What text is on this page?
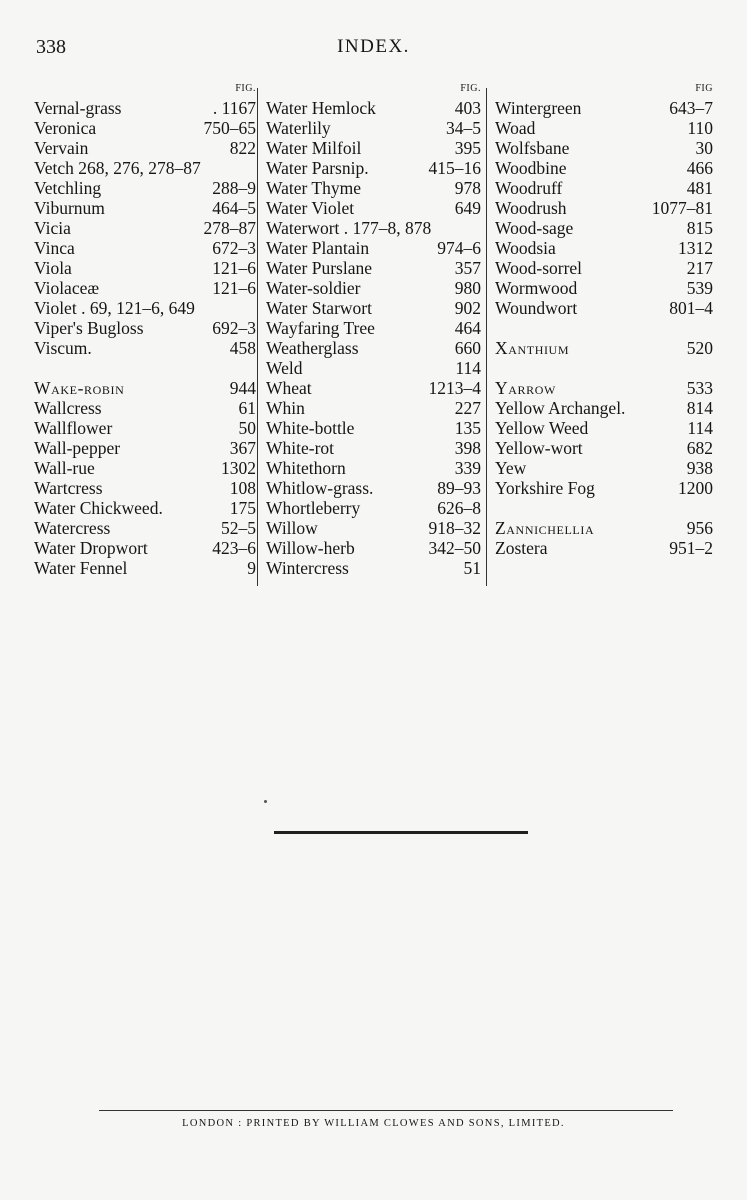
338	INDEX.
FIG.
Vernal-grass	. 1167
Veronica	750–65
Vervain	822
Vetch 268, 276, 278–87
Vetchling	288–9
Viburnum	464–5
Vicia	278–87
Vinca	672–3
Viola	121–6
Violaceæ	121–6
Violet . 69, 121–6, 649
Viper's Bugloss	692–3
Viscum.	458
Wake-robin	944
Wallcress	61
Wallflower	50
Wall-pepper	367
Wall-rue	1302
Wartcress	108
Water Chickweed.	175
Watercress	52–5
Water Dropwort	423–6
Water Fennel	9
FIG.
Water Hemlock	403
Waterlily	34–5
Water Milfoil	395
Water Parsnip.	415–16
Water Thyme	978
Water Violet	649
Waterwort . 177–8, 878
Water Plantain	974–6
Water Purslane	357
Water-soldier	980
Water Starwort	902
Wayfaring Tree	464
Weatherglass	660
Weld	114
Wheat	1213–4
Whin	227
White-bottle	135
White-rot	398
Whitethorn	339
Whitlow-grass.	89–93
Whortleberry	626–8
Willow	918–32
Willow-herb	342–50
Wintercress	51
FIG
Wintergreen	643–7
Woad	110
Wolfsbane	30
Woodbine	466
Woodruff	481
Woodrush	1077–81
Wood-sage	815
Woodsia	1312
Wood-sorrel	217
Wormwood	539
Woundwort	801–4
Xanthium	520
Yarrow	533
Yellow Archangel.	814
Yellow Weed	114
Yellow-wort	682
Yew	938
Yorkshire Fog	1200
Zannichellia	956
Zostera	951–2
LONDON : PRINTED BY WILLIAM CLOWES AND SONS, LIMITED.
